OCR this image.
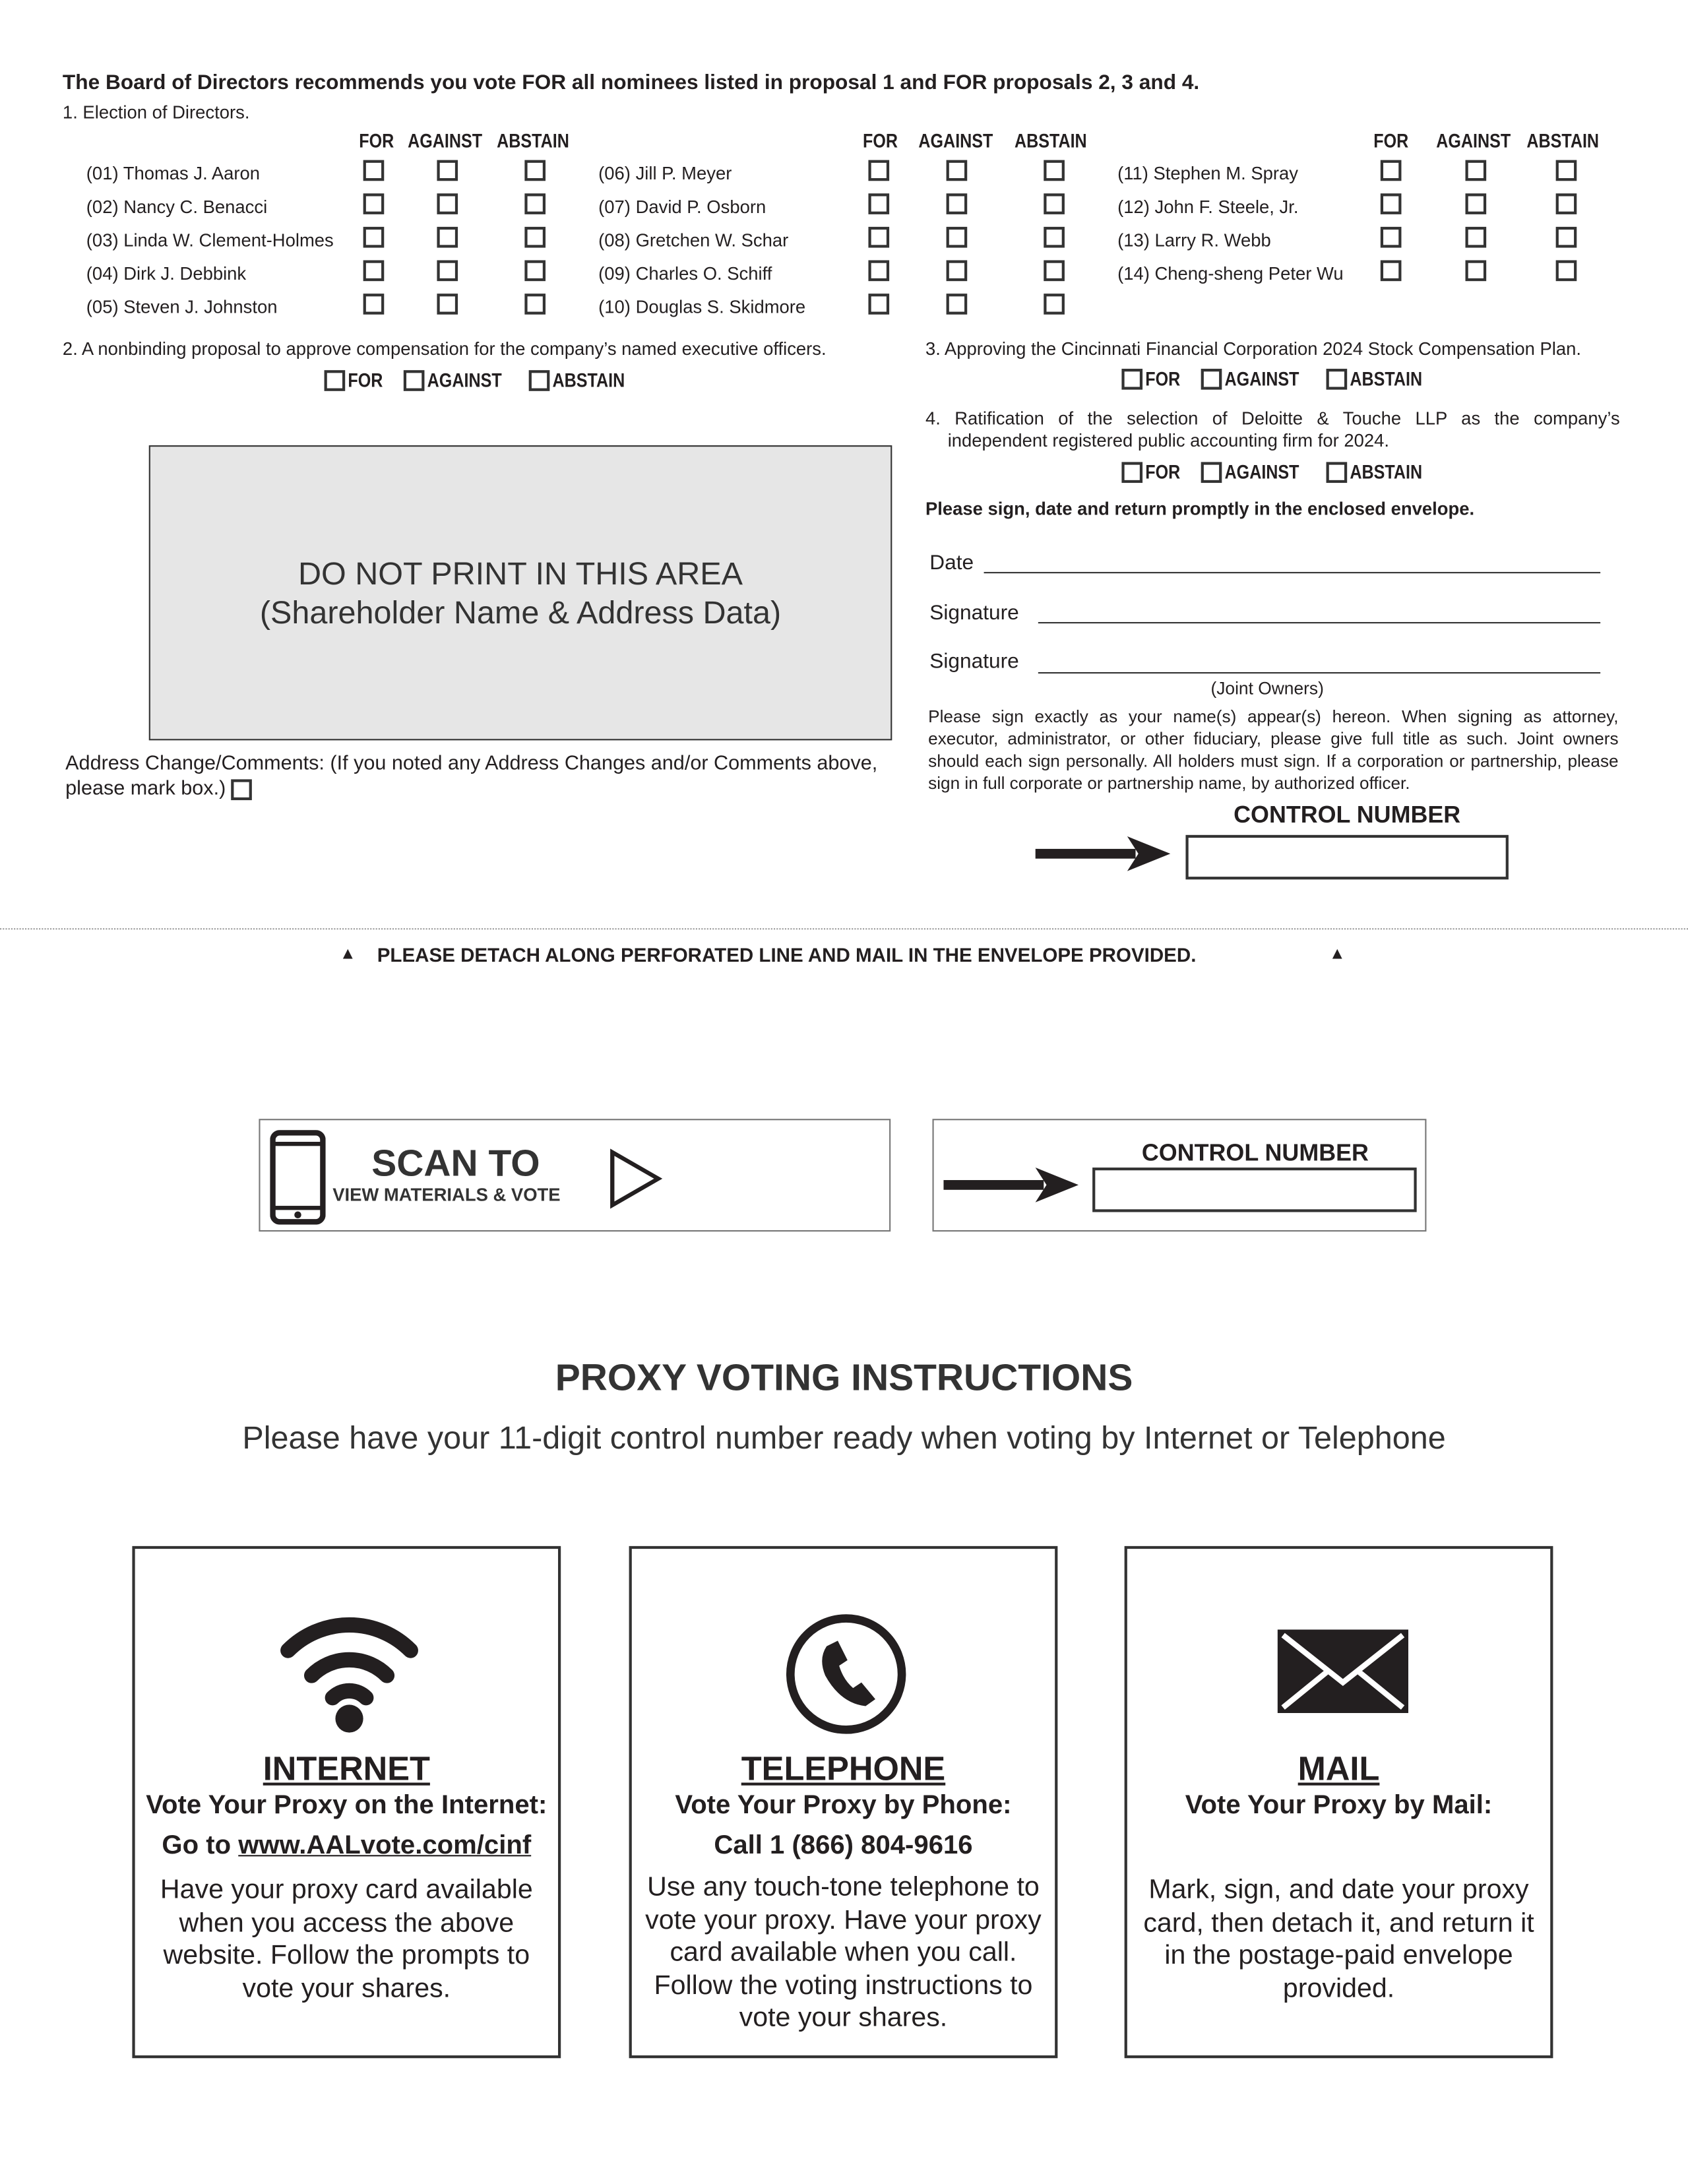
The Board of Directors recommends you vote FOR all nominees listed in proposal 1 and FOR proposals 2, 3 and 4.
1. Election of Directors.
FOR AGAINST ABSTAIN
(01) Thomas J. Aaron
(02) Nancy C. Benacci
(03) Linda W. Clement-Holmes
(04) Dirk J. Debbink
(05) Steven J. Johnston
FOR AGAINST ABSTAIN
(06) Jill P. Meyer
(07) David P. Osborn
(08) Gretchen W. Schar
(09) Charles O. Schiff
(10) Douglas S. Skidmore
FOR	AGAINST ABSTAIN
(11) Stephen M. Spray
(12) John F. Steele, Jr.
(13) Larry R. Webb
(14) Cheng-sheng Peter Wu
2. A nonbinding proposal to approve compensation for the company’s named executive officers.
FOR	AGAINST	ABSTAIN
3. Approving the Cincinnati Financial Corporation 2024 Stock Compensation Plan.
FOR	AGAINST	ABSTAIN
4. Ratification of the selection of Deloitte & Touche LLP as the company’s
independent registered public accounting firm for 2024.
FOR	AGAINST	ABSTAIN
DO NOT PRINT IN THIS AREA
(Shareholder Name & Address Data)
Address Change/Comments: (If you noted any Address Changes and/or Comments above, please mark box.)
Please sign, date and return promptly in the enclosed envelope.
Date
Signature
Signature
(Joint Owners)
Please sign exactly as your name(s) appear(s) hereon. When signing as attorney, executor, administrator, or other fiduciary, please give full title as such. Joint owners should each sign personally. All holders must sign. If a corporation or partnership, please sign in full corporate or partnership name, by authorized officer.
CONTROL NUMBER
▲ PLEASE DETACH ALONG PERFORATED LINE AND MAIL IN THE ENVELOPE PROVIDED.	▲
SCAN TO
VIEW MATERIALS & VOTE
CONTROL NUMBER
PROXY VOTING INSTRUCTIONS
Please have your 11-digit control number ready when voting by Internet or Telephone
INTERNET
Vote Your Proxy on the Internet:
Go to www.AALvote.com/cinf
Have your proxy card available when you access the above website. Follow the prompts to vote your shares.
TELEPHONE
Vote Your Proxy by Phone:
Call 1 (866) 804-9616
Use any touch-tone telephone to vote your proxy. Have your proxy card available when you call. Follow the voting instructions to vote your shares.
MAIL
Vote Your Proxy by Mail:
Mark, sign, and date your proxy card, then detach it, and return it in the postage-paid envelope provided.
